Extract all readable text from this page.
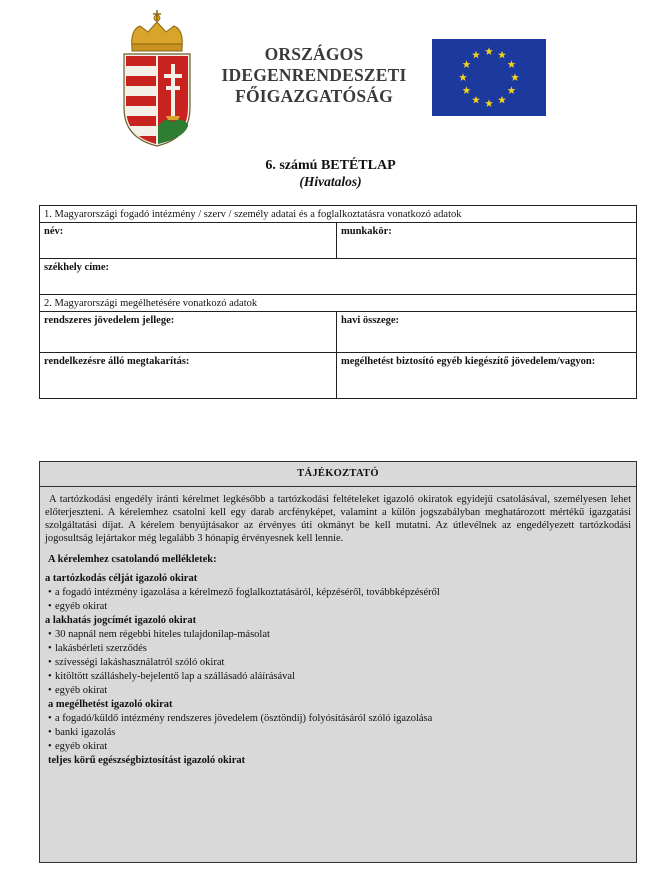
ORSZÁGOS
IDEGENRENDESZETI
FŐIGAZGATÓSÁG
6. számú BETÉTLAP
(Hivatalos)
1. Magyarországi fogadó intézmény / szerv / személy adatai és a foglalkoztatásra vonatkozó adatok
név:	munkakör:
székhely címe:
2. Magyarországi megélhetésére vonatkozó adatok
rendszeres jövedelem jellege:	havi összege:
rendelkezésre álló megtakarítás:	megélhetést biztosító egyéb kiegészítő jövedelem/vagyon:
TÁJÉKOZTATÓ

A tartózkodási engedély iránti kérelmet legkésőbb a tartózkodási feltételeket igazoló okiratok egyidejű csatolásával, személyesen lehet előterjeszteni. A kérelemhez csatolni kell egy darab arcfényképet, valamint a külön jogszabályban meghatározott mértékű igazgatási szolgáltatási díjat. A kérelem benyújtásakor az érvényes úti okmányt be kell mutatni. Az útlevélnek az engedélyezett tartózkodási jogosultság lejártakor még legalább 3 hónapig érvényesnek kell lennie.

A kérelemhez csatolandó mellékletek:
a tartózkodás célját igazoló okirat
• a fogadó intézmény igazolása a kérelmező foglalkoztatásáról, képzéséről, továbbképzéséről
• egyéb okirat
a lakhatás jogcímét igazoló okirat
• 30 napnál nem régebbi hiteles tulajdonilap-másolat
• lakásbérleti szerződés
• szívességi lakáshasználatról szóló okirat
• kitöltött szálláshely-bejelentő lap a szállásadó aláírásával
• egyéb okirat
a megélhetést igazoló okirat
• a fogadó/küldő intézmény rendszeres jövedelem (ösztöndíj) folyósításáról szóló igazolása
• banki igazolás
• egyéb okirat
teljes körű egészségbiztosítást igazoló okirat
